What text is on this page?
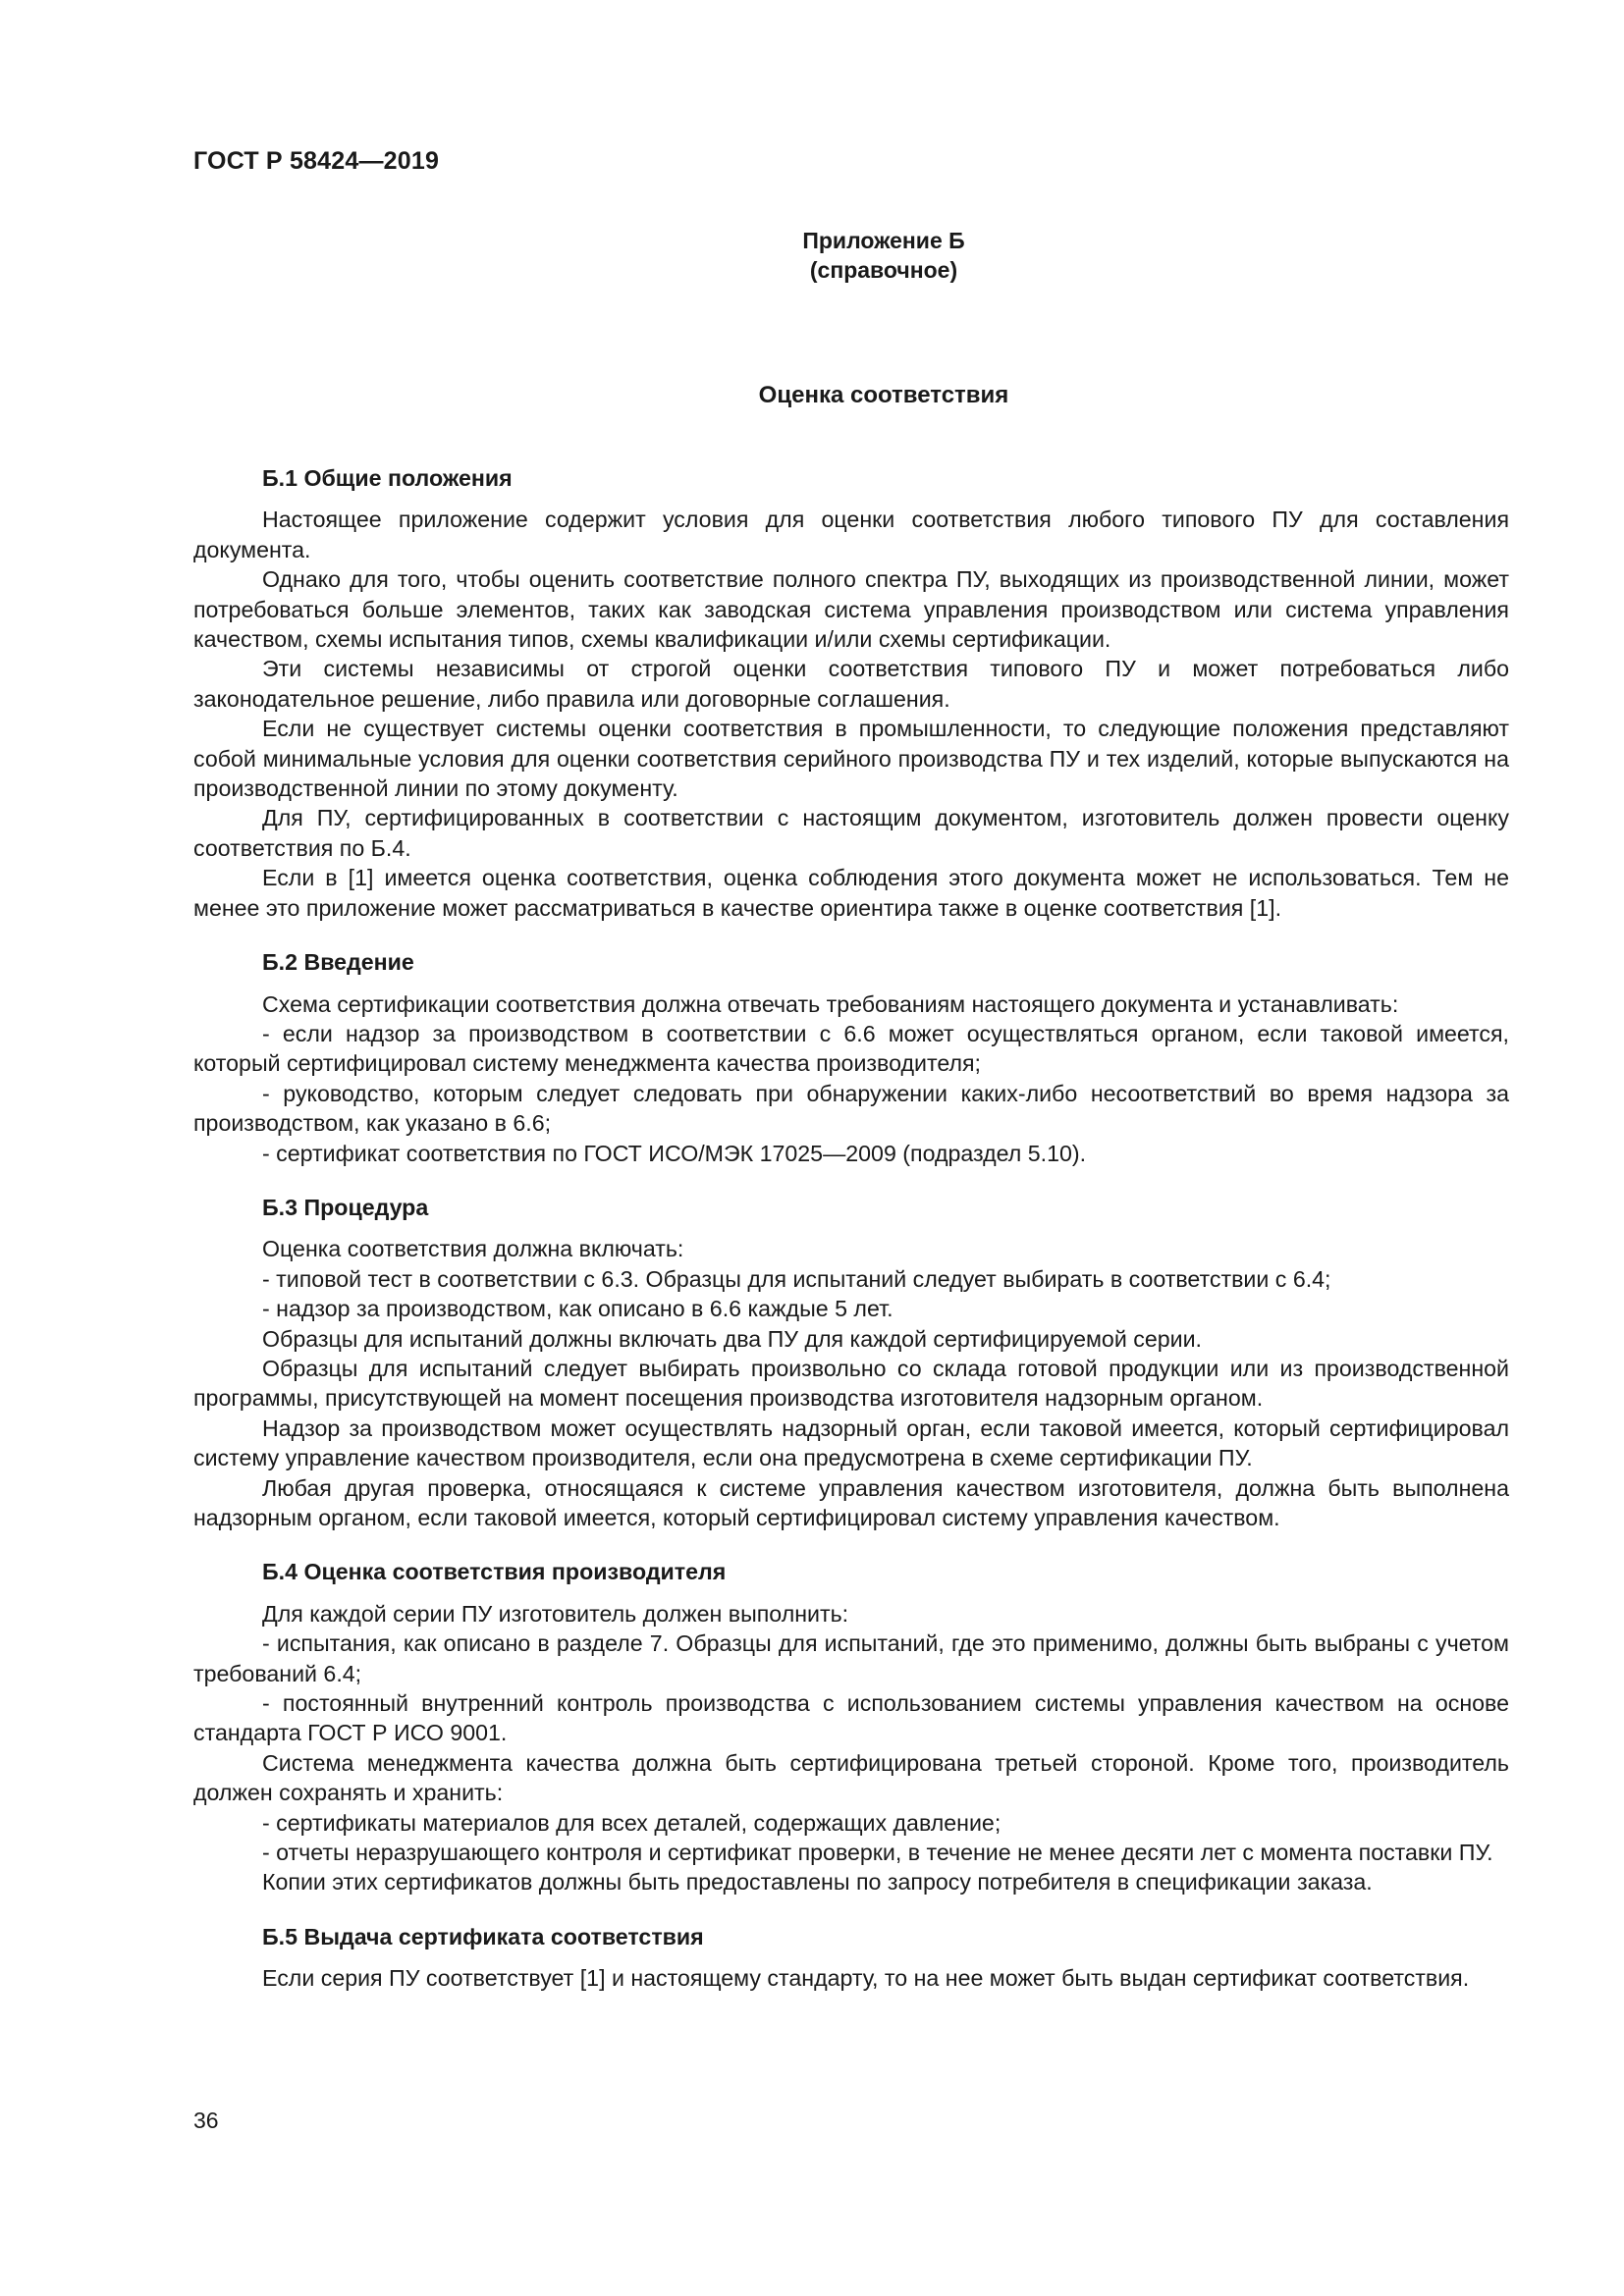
ГОСТ Р 58424—2019
Приложение Б
(справочное)
Оценка соответствия

Б.1 Общие положения

Настоящее приложение содержит условия для оценки соответствия любого типового ПУ для составления документа.

Однако для того, чтобы оценить соответствие полного спектра ПУ, выходящих из производственной линии, может потребоваться больше элементов, таких как заводская система управления производством или система управления качеством, схемы испытания типов, схемы квалификации и/или схемы сертификации.

Эти системы независимы от строгой оценки соответствия типового ПУ и может потребоваться либо законодательное решение, либо правила или договорные соглашения.

Если не существует системы оценки соответствия в промышленности, то следующие положения представляют собой минимальные условия для оценки соответствия серийного производства ПУ и тех изделий, которые выпускаются на производственной линии по этому документу.

Для ПУ, сертифицированных в соответствии с настоящим документом, изготовитель должен провести оценку соответствия по Б.4.

Если в [1] имеется оценка соответствия, оценка соблюдения этого документа может не использоваться. Тем не менее это приложение может рассматриваться в качестве ориентира также в оценке соответствия [1].

Б.2 Введение

Схема сертификации соответствия должна отвечать требованиям настоящего документа и устанавливать:

- если надзор за производством в соответствии с 6.6 может осуществляться органом, если таковой имеется, который сертифицировал систему менеджмента качества производителя;

- руководство, которым следует следовать при обнаружении каких-либо несоответствий во время надзора за производством, как указано в 6.6;

- сертификат соответствия по ГОСТ ИСО/МЭК 17025—2009 (подраздел 5.10).

Б.3 Процедура

Оценка соответствия должна включать:

- типовой тест в соответствии с 6.3. Образцы для испытаний следует выбирать в соответствии с 6.4;

- надзор за производством, как описано в 6.6 каждые 5 лет.

Образцы для испытаний должны включать два ПУ для каждой сертифицируемой серии.

Образцы для испытаний следует выбирать произвольно со склада готовой продукции или из производственной программы, присутствующей на момент посещения производства изготовителя надзорным органом.

Надзор за производством может осуществлять надзорный орган, если таковой имеется, который сертифицировал систему управление качеством производителя, если она предусмотрена в схеме сертификации ПУ.

Любая другая проверка, относящаяся к системе управления качеством изготовителя, должна быть выполнена надзорным органом, если таковой имеется, который сертифицировал систему управления качеством.

Б.4 Оценка соответствия производителя

Для каждой серии ПУ изготовитель должен выполнить:

- испытания, как описано в разделе 7. Образцы для испытаний, где это применимо, должны быть выбраны с учетом требований 6.4;

- постоянный внутренний контроль производства с использованием системы управления качеством на основе стандарта ГОСТ Р ИСО 9001.

Система менеджмента качества должна быть сертифицирована третьей стороной. Кроме того, производитель должен сохранять и хранить:

- сертификаты материалов для всех деталей, содержащих давление;

- отчеты неразрушающего контроля и сертификат проверки, в течение не менее десяти лет с момента поставки ПУ.

Копии этих сертификатов должны быть предоставлены по запросу потребителя в спецификации заказа.

Б.5 Выдача сертификата соответствия

Если серия ПУ соответствует [1] и настоящему стандарту, то на нее может быть выдан сертификат соответствия.

36
